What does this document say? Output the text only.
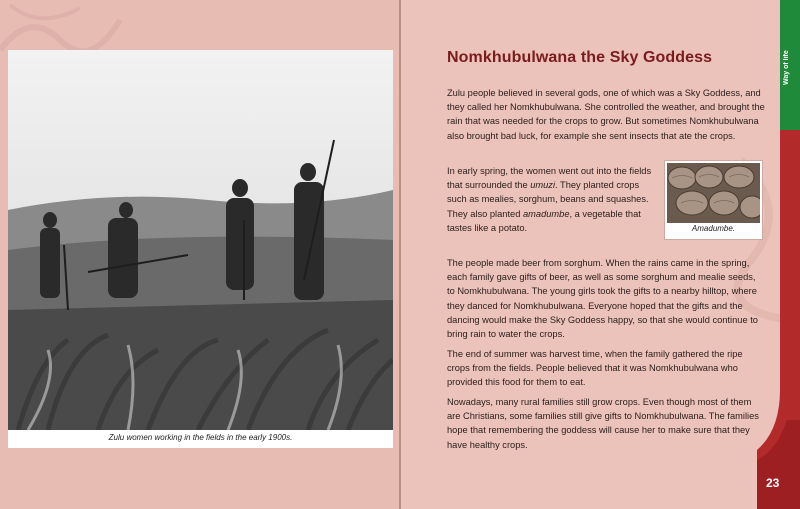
Zulu women working in the fields in the early 1900s.
Nomkhubulwana the Sky Goddess

Zulu people believed in several gods, one of which was a Sky Goddess, and they called her Nomkhubulwana. She controlled the weather, and brought the rain that was needed for the crops to grow. But sometimes Nomkhubulwana also brought bad luck, for example she sent insects that ate the crops.

In early spring, the women went out into the fields that surrounded the umuzi. They planted crops such as mealies, sorghum, beans and squashes. They also planted amadumbe, a vegetable that tastes like a potato.	Amadumbe.

The people made beer from sorghum. When the rains came in the spring, each family gave gifts of beer, as well as some sorghum and mealie seeds, to Nomkhubulwana. The young girls took the gifts to a nearby hilltop, where they danced for Nomkhubulwana. Everyone hoped that the gifts and the dancing would make the Sky Goddess happy, so that she would continue to bring rain to water the crops.

The end of summer was harvest time, when the family gathered the ripe crops from the fields. People believed that it was Nomkhubulwana who provided this food for them to eat.

Nowadays, many rural families still grow crops. Even though most of them are Christians, some families still give gifts to Nomkhubulwana. The families hope that remembering the goddess will cause her to make sure that they have healthy crops.

Way of life
23
